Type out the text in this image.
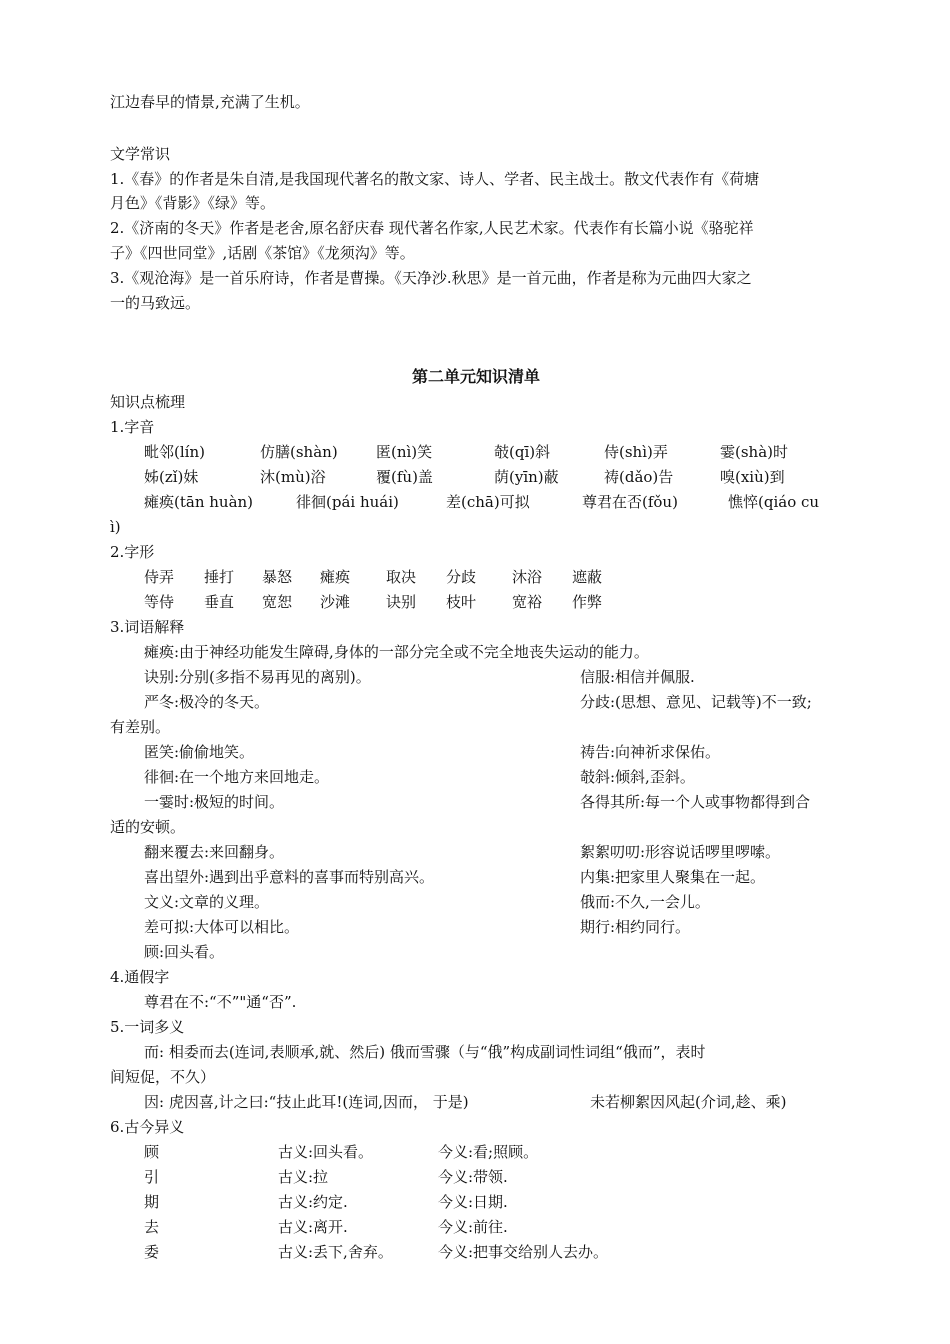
江边春早的情景,充满了生机。
文学常识
1.《春》的作者是朱自清,是我国现代著名的散文家、诗人、学者、民主战士。散文代表作有《荷塘
月色》《背影》《绿》等。
2.《济南的冬天》作者是老舍,原名舒庆春 现代著名作家,人民艺术家。代表作有长篇小说《骆驼祥
子》《四世同堂》,话剧《茶馆》《龙须沟》等。
3.《观沧海》是一首乐府诗，作者是曹操。《天净沙.秋思》是一首元曲，作者是称为元曲四大家之
一的马致远。
第二单元知识清单
知识点梳理
1.字音
毗邻(lín)	仿膳(shàn)	匿(nì)笑	攲(qī)斜	侍(shì)弄	霎(shà)时
姊(zǐ)妹	沐(mù)浴	覆(fù)盖	荫(yīn)蔽	祷(dǎo)告	嗅(xiù)到
瘫痪(tān huàn)	徘徊(pái huái)	差(chā)可拟	尊君在否(fǒu)	憔悴(qiáo cu
ì)
2.字形
侍弄 捶打 暴怒 瘫痪 取决 分歧 沐浴 遮蔽
等侍 垂直 宽恕 沙滩 诀别 枝叶 宽裕 作弊
3.词语解释
瘫痪:由于神经功能发生障碍,身体的一部分完全或不完全地丧失运动的能力。
诀别:分别(多指不易再见的离别)。	信服:相信并佩服.
严冬:极冷的冬天。	分歧:(思想、意见、记载等)不一致;
有差别。
匿笑:偷偷地笑。	祷告:向神祈求保佑。
徘徊:在一个地方来回地走。	攲斜:倾斜,歪斜。
一霎时:极短的时间。	各得其所:每一个人或事物都得到合
适的安顿。
翻来覆去:来回翻身。	絮絮叨叨:形容说话啰里啰嗦。
喜出望外:遇到出乎意料的喜事而特别高兴。	内集:把家里人聚集在一起。
文义:文章的义理。	俄而:不久,一会儿。
差可拟:大体可以相比。	期行:相约同行。
顾:回头看。
4.通假字
尊君在不:“不”"通“否”.
5.一词多义
而: 相委而去(连词,表顺承,就、然后) 俄而雪骤（与“俄”构成副词性词组“俄而”，表时
间短促，不久）
因: 虎因喜,计之曰:“技止此耳!(连词,因而， 于是)	未若柳絮因风起(介词,趁、乘)
6.古今异义
顾	古义:回头看。	今义:看;照顾。
引	古义:拉	今义:带领.
期	古义:约定.	今义:日期.
去	古义:离开.	今义:前往.
委	古义:丢下,舍弃。	今义:把事交给别人去办。
